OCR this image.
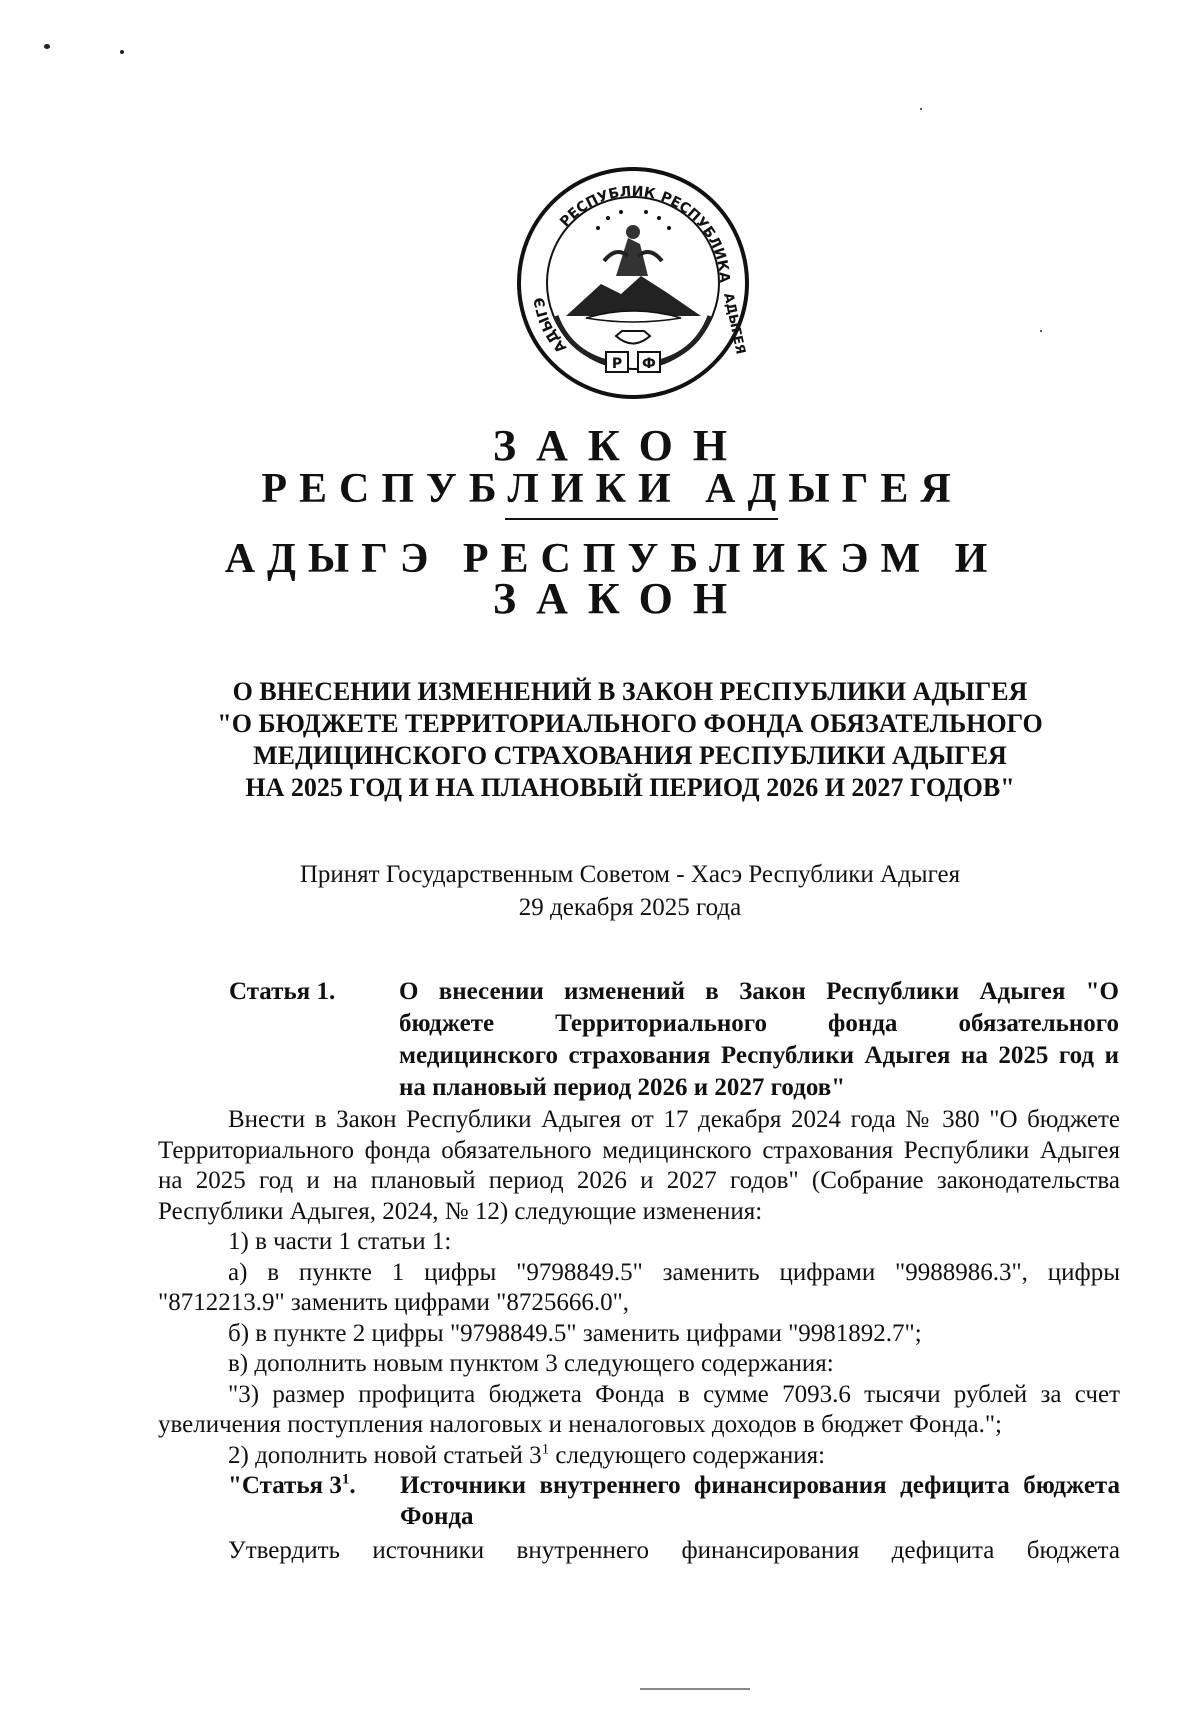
РЕСПУБЛИК РЕСПУБЛИКА
АДЫГЭ	АДЫГЕЯ
Р Ф
ЗАКОН
РЕСПУБЛИКИ АДЫГЕЯ
АДЫГЭ РЕСПУБЛИКЭМ И
ЗАКОН
О ВНЕСЕНИИ ИЗМЕНЕНИЙ В ЗАКОН РЕСПУБЛИКИ АДЫГЕЯ
"О БЮДЖЕТЕ ТЕРРИТОРИАЛЬНОГО ФОНДА ОБЯЗАТЕЛЬНОГО
МЕДИЦИНСКОГО СТРАХОВАНИЯ РЕСПУБЛИКИ АДЫГЕЯ
НА 2025 ГОД И НА ПЛАНОВЫЙ ПЕРИОД 2026 И 2027 ГОДОВ"
Принят Государственным Советом - Хасэ Республики Адыгея
29 декабря 2025 года
Статья 1.	О внесении изменений в Закон Республики Адыгея "О бюджете Территориального фонда обязательного медицинского страхования Республики Адыгея на 2025 год и на плановый период 2026 и 2027 годов"

Внести в Закон Республики Адыгея от 17 декабря 2024 года № 380 "О бюджете Территориального фонда обязательного медицинского страхования Республики Адыгея на 2025 год и на плановый период 2026 и 2027 годов" (Собрание законодательства Республики Адыгея, 2024, № 12) следующие изменения:

1) в части 1 статьи 1:

а) в пункте 1 цифры "9798849.5" заменить цифрами "9988986.3", цифры "8712213.9" заменить цифрами "8725666.0",

б) в пункте 2 цифры "9798849.5" заменить цифрами "9981892.7";

в) дополнить новым пунктом 3 следующего содержания:

"3) размер профицита бюджета Фонда в сумме 7093.6 тысячи рублей за счет увеличения поступления налоговых и неналоговых доходов в бюджет Фонда.";

2) дополнить новой статьей $3^1$ следующего содержания:

"Статья $3^1$. Источники внутреннего финансирования дефицита бюджета Фонда

Утвердить источники внутреннего финансирования дефицита бюджета
